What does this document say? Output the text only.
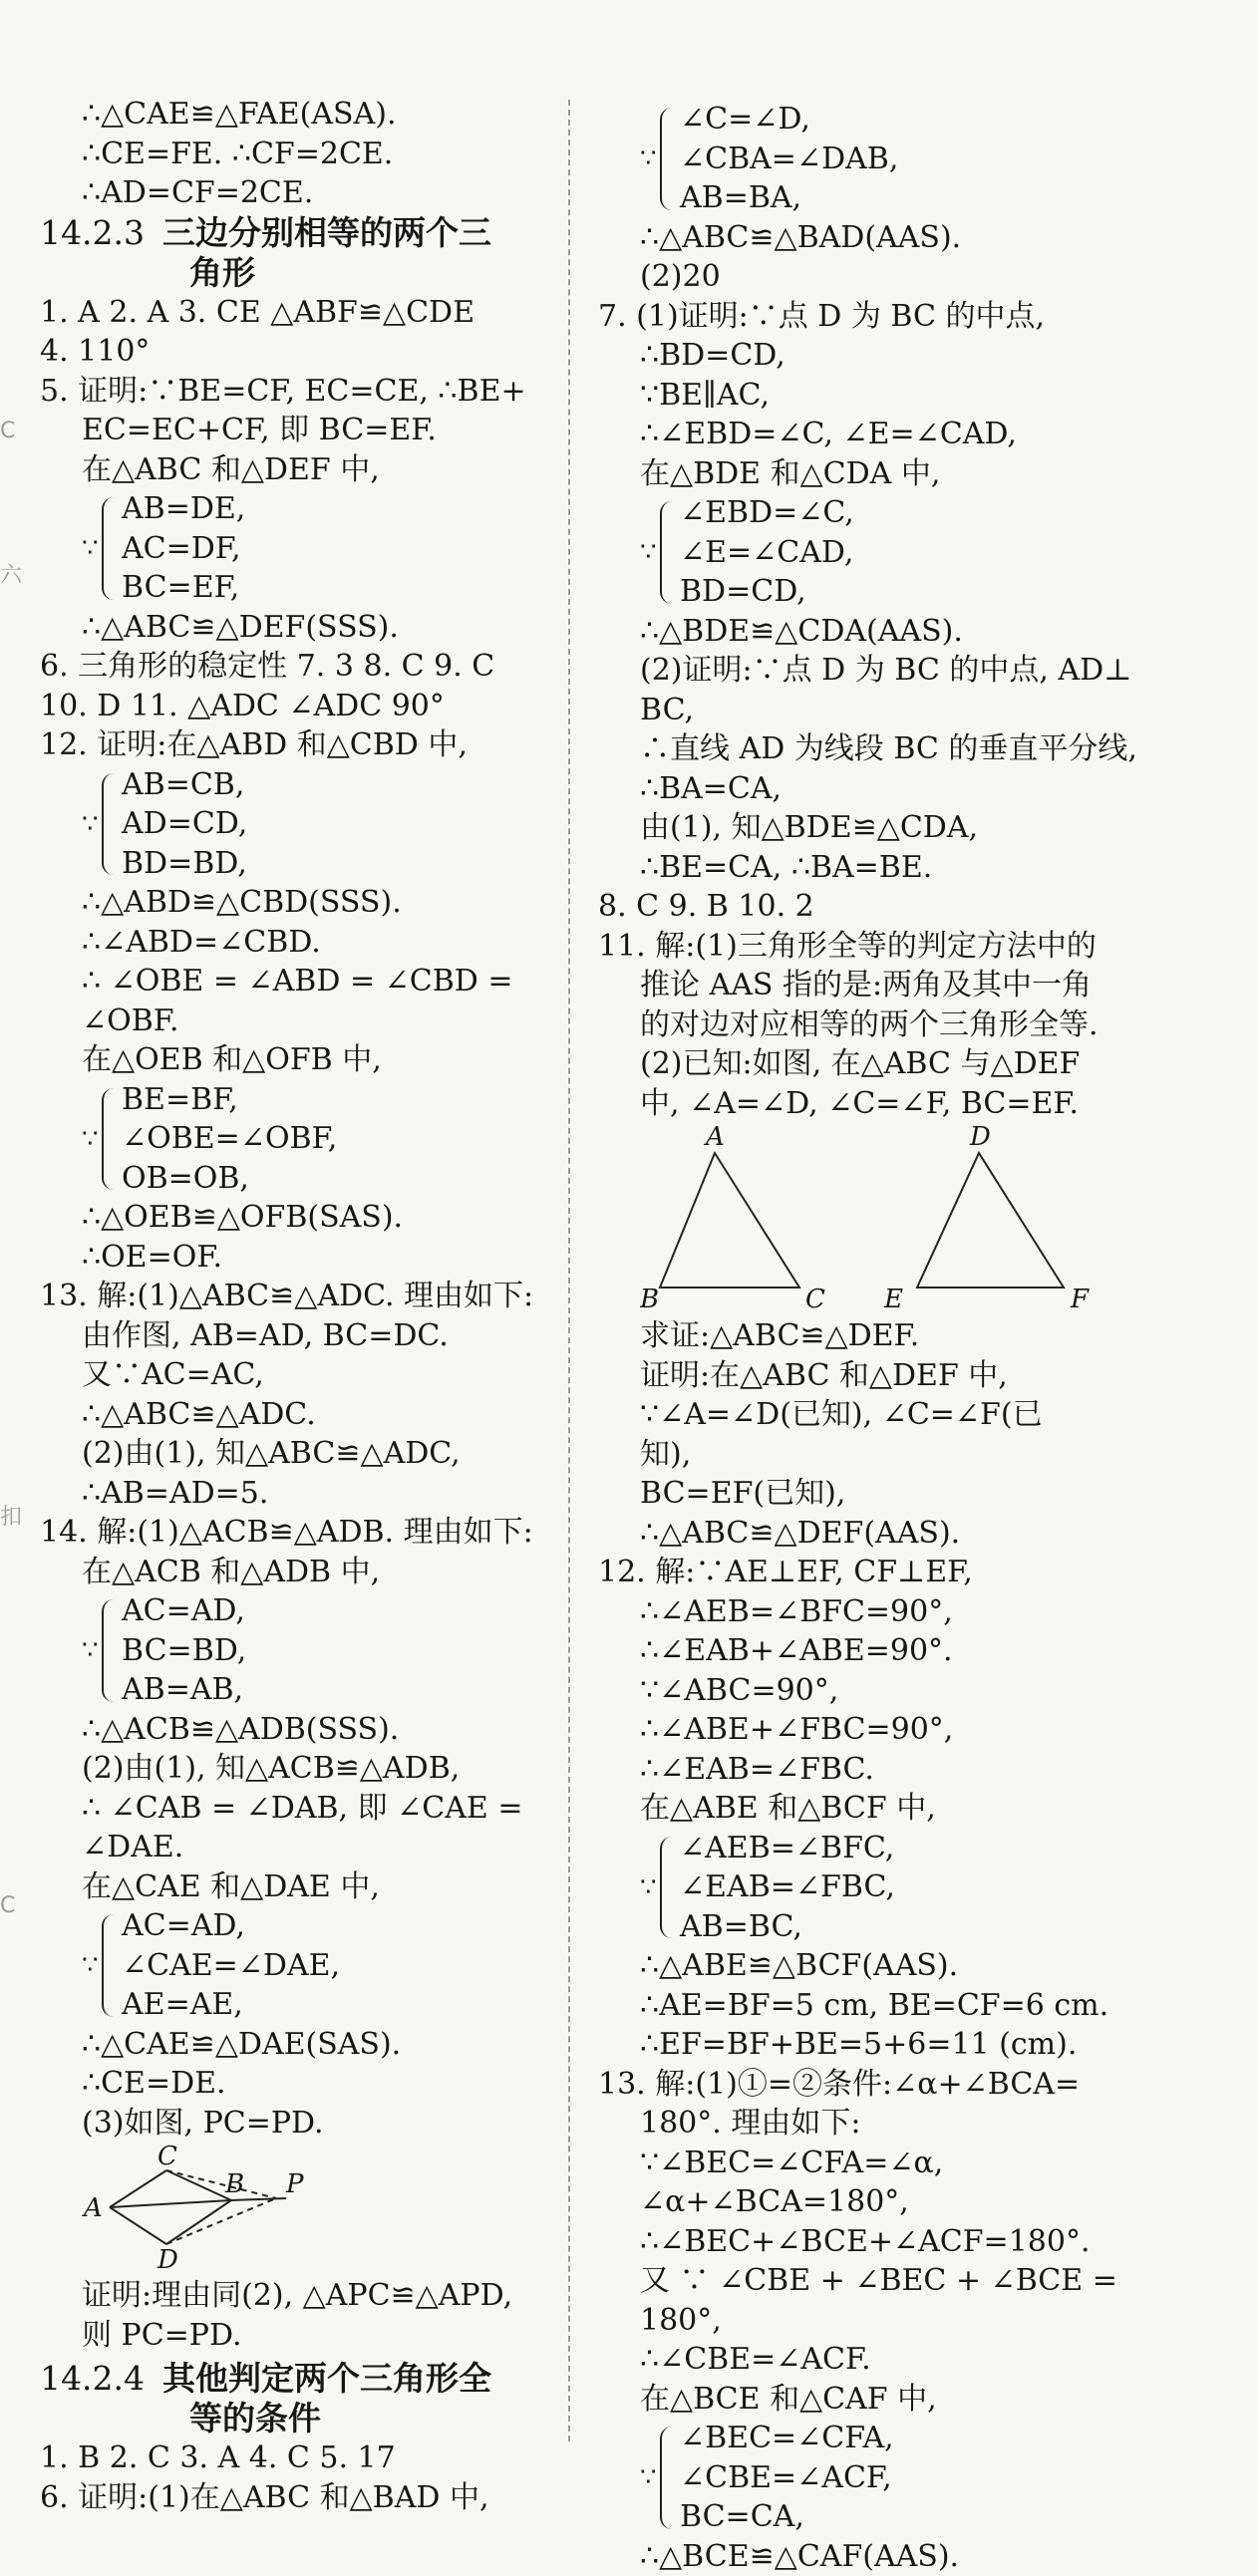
C
六
扣
C
∴△CAE≌△FAE(ASA).
∴CE=FE. ∴CF=2CE.
∴AD=CF=2CE.
14.2.3 三边分别相等的两个三
角形
1. A 2. A 3. CE △ABF≌△CDE
4. 110°
5. 证明:∵BE=CF, EC=CE, ∴BE+
EC=EC+CF, 即 BC=EF.
在△ABC 和△DEF 中,
∵
AB=DE,
AC=DF,
BC=EF,
∴△ABC≌△DEF(SSS).
6. 三角形的稳定性 7. 3 8. C 9. C
10. D 11. △ADC ∠ADC 90°
12. 证明:在△ABD 和△CBD 中,
∵
AB=CB,
AD=CD,
BD=BD,
∴△ABD≌△CBD(SSS).
∴∠ABD=∠CBD.
∴ ∠OBE = ∠ABD = ∠CBD =
∠OBF.
在△OEB 和△OFB 中,
∵
BE=BF,
∠OBE=∠OBF,
OB=OB,
∴△OEB≌△OFB(SAS).
∴OE=OF.
13. 解:(1)△ABC≌△ADC. 理由如下:
由作图, AB=AD, BC=DC.
又∵AC=AC,
∴△ABC≌△ADC.
(2)由(1), 知△ABC≌△ADC,
∴AB=AD=5.
14. 解:(1)△ACB≌△ADB. 理由如下:
在△ACB 和△ADB 中,
∵
AC=AD,
BC=BD,
AB=AB,
∴△ACB≌△ADB(SSS).
(2)由(1), 知△ACB≌△ADB,
∴ ∠CAB = ∠DAB, 即 ∠CAE =
∠DAE.
在△CAE 和△DAE 中,
∵
AC=AD,
∠CAE=∠DAE,
AE=AE,
∴△CAE≌△DAE(SAS).
∴CE=DE.
(3)如图, PC=PD.
C
A
B P
D
证明:理由同(2), △APC≌△APD,
则 PC=PD.
14.2.4 其他判定两个三角形全
等的条件
1. B 2. C 3. A 4. C 5. 17
6. 证明:(1)在△ABC 和△BAD 中,
∵
∠C=∠D,
∠CBA=∠DAB,
AB=BA,
∴△ABC≌△BAD(AAS).
(2)20
7. (1)证明:∵点 D 为 BC 的中点,
∴BD=CD,
∵BE∥AC,
∴∠EBD=∠C, ∠E=∠CAD,
在△BDE 和△CDA 中,
∵
∠EBD=∠C,
∠E=∠CAD,
BD=CD,
∴△BDE≌△CDA(AAS).
(2)证明:∵点 D 为 BC 的中点, AD⊥
BC,
∴直线 AD 为线段 BC 的垂直平分线,
∴BA=CA,
由(1), 知△BDE≌△CDA,
∴BE=CA, ∴BA=BE.
8. C 9. B 10. 2
11. 解:(1)三角形全等的判定方法中的
推论 AAS 指的是:两角及其中一角
的对边对应相等的两个三角形全等.
(2)已知:如图, 在△ABC 与△DEF
中, ∠A=∠D, ∠C=∠F, BC=EF.
A
B	C
D
E	F
求证:△ABC≌△DEF.
证明:在△ABC 和△DEF 中,
∵∠A=∠D(已知), ∠C=∠F(已
知),
BC=EF(已知),
∴△ABC≌△DEF(AAS).
12. 解:∵AE⊥EF, CF⊥EF,
∴∠AEB=∠BFC=90°,
∴∠EAB+∠ABE=90°.
∵∠ABC=90°,
∴∠ABE+∠FBC=90°,
∴∠EAB=∠FBC.
在△ABE 和△BCF 中,
∵
∠AEB=∠BFC,
∠EAB=∠FBC,
AB=BC,
∴△ABE≌△BCF(AAS).
∴AE=BF=5 cm, BE=CF=6 cm.
∴EF=BF+BE=5+6=11 (cm).
13. 解:(1)①=②条件:∠α+∠BCA=
180°. 理由如下:
∵∠BEC=∠CFA=∠α,
∠α+∠BCA=180°,
∴∠BEC+∠BCE+∠ACF=180°.
又 ∵ ∠CBE + ∠BEC + ∠BCE =
180°,
∴∠CBE=∠ACF.
在△BCE 和△CAF 中,
∵
∠BEC=∠CFA,
∠CBE=∠ACF,
BC=CA,
∴△BCE≌△CAF(AAS).
